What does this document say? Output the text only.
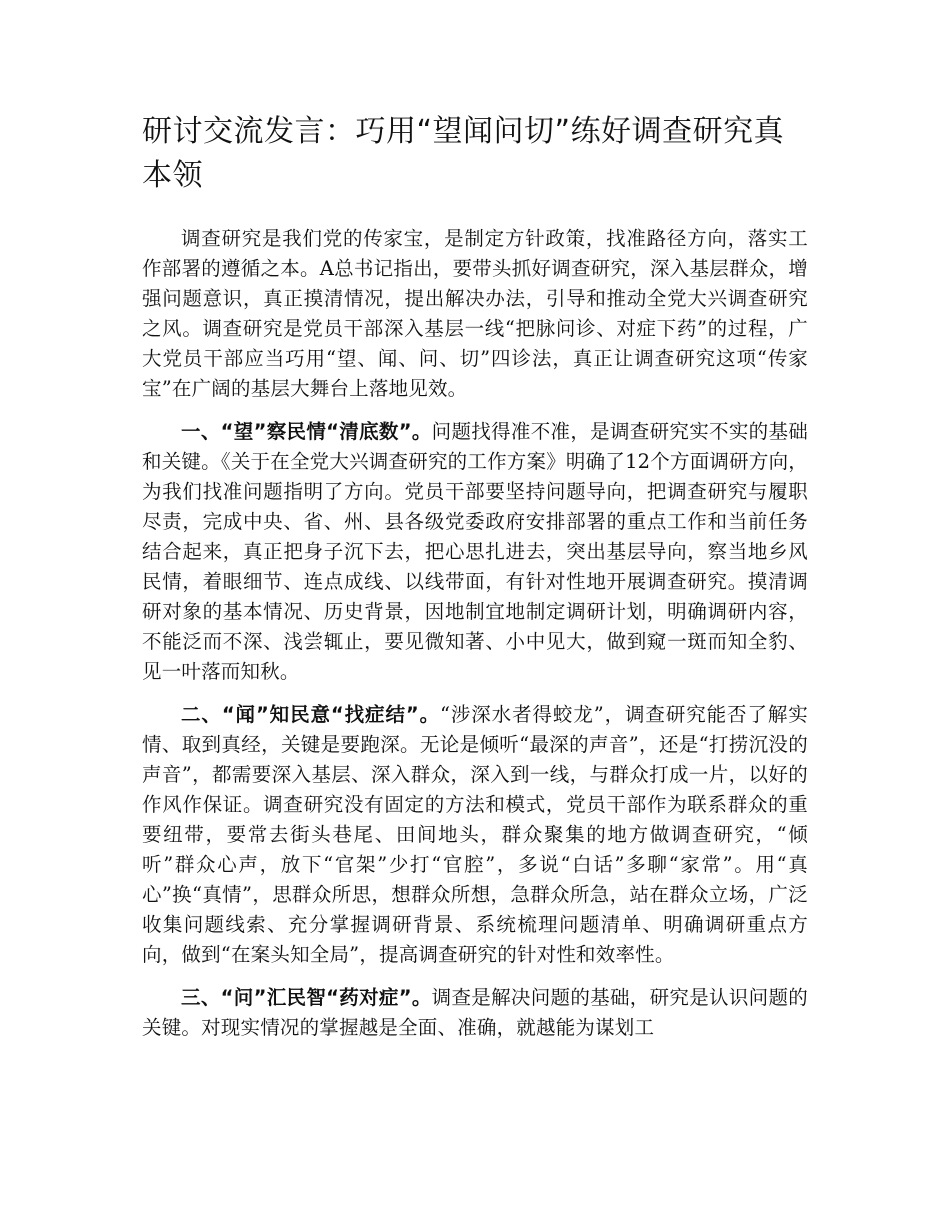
研讨交流发言：巧用“望闻问切”练好调查研究真本领

调查研究是我们党的传家宝，是制定方针政策，找准路径方向，落实工作部署的遵循之本。A总书记指出，要带头抓好调查研究，深入基层群众，增强问题意识，真正摸清情况，提出解决办法，引导和推动全党大兴调查研究之风。调查研究是党员干部深入基层一线“把脉问诊、对症下药”的过程，广大党员干部应当巧用“望、闻、问、切”四诊法，真正让调查研究这项“传家宝”在广阔的基层大舞台上落地见效。

一、“望”察民情“清底数”。问题找得准不准，是调查研究实不实的基础和关键。《关于在全党大兴调查研究的工作方案》明确了12个方面调研方向，为我们找准问题指明了方向。党员干部要坚持问题导向，把调查研究与履职尽责，完成中央、省、州、县各级党委政府安排部署的重点工作和当前任务结合起来，真正把身子沉下去，把心思扎进去，突出基层导向，察当地乡风民情，着眼细节、连点成线、以线带面，有针对性地开展调查研究。摸清调研对象的基本情况、历史背景，因地制宜地制定调研计划，明确调研内容，不能泛而不深、浅尝辄止，要见微知著、小中见大，做到窥一斑而知全豹、见一叶落而知秋。

二、“闻”知民意“找症结”。“涉深水者得蛟龙”，调查研究能否了解实情、取到真经，关键是要跑深。无论是倾听“最深的声音”，还是“打捞沉没的声音”，都需要深入基层、深入群众，深入到一线，与群众打成一片，以好的作风作保证。调查研究没有固定的方法和模式，党员干部作为联系群众的重要纽带，要常去街头巷尾、田间地头，群众聚集的地方做调查研究，“倾听”群众心声，放下“官架”少打“官腔”，多说“白话”多聊“家常”。用“真心”换“真情”，思群众所思，想群众所想，急群众所急，站在群众立场，广泛收集问题线索、充分掌握调研背景、系统梳理问题清单、明确调研重点方向，做到“在案头知全局”，提高调查研究的针对性和效率性。

三、“问”汇民智“药对症”。调查是解决问题的基础，研究是认识问题的关键。对现实情况的掌握越是全面、准确，就越能为谋划工
